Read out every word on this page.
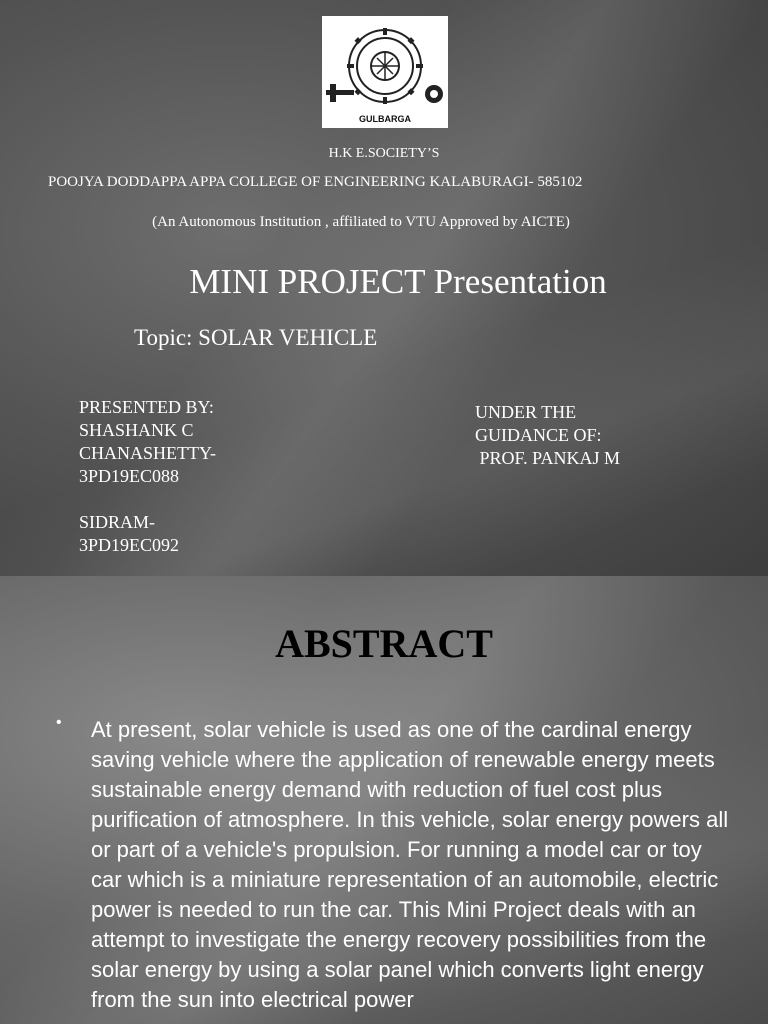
GULBARGA
H.K E.SOCIETY’S
POOJYA DODDAPPA APPA COLLEGE OF ENGINEERING KALABURAGI- 585102
(An Autonomous Institution , affiliated to VTU Approved by AICTE)
MINI PROJECT Presentation
Topic: SOLAR VEHICLE
PRESENTED BY:
SHASHANK C
CHANASHETTY-
3PD19EC088
SIDRAM-
3PD19EC092
UNDER THE
GUIDANCE OF:
PROF. PANKAJ M
ABSTRACT
• At present, solar vehicle is used as one of the cardinal energy saving vehicle where the application of renewable energy meets sustainable energy demand with reduction of fuel cost plus purification of atmosphere. In this vehicle, solar energy powers all or part of a vehicle's propulsion. For running a model car or toy car which is a miniature representation of an automobile, electric power is needed to run the car. This Mini Project deals with an attempt to investigate the energy recovery possibilities from the solar energy by using a solar panel which converts light energy from the sun into electrical power
